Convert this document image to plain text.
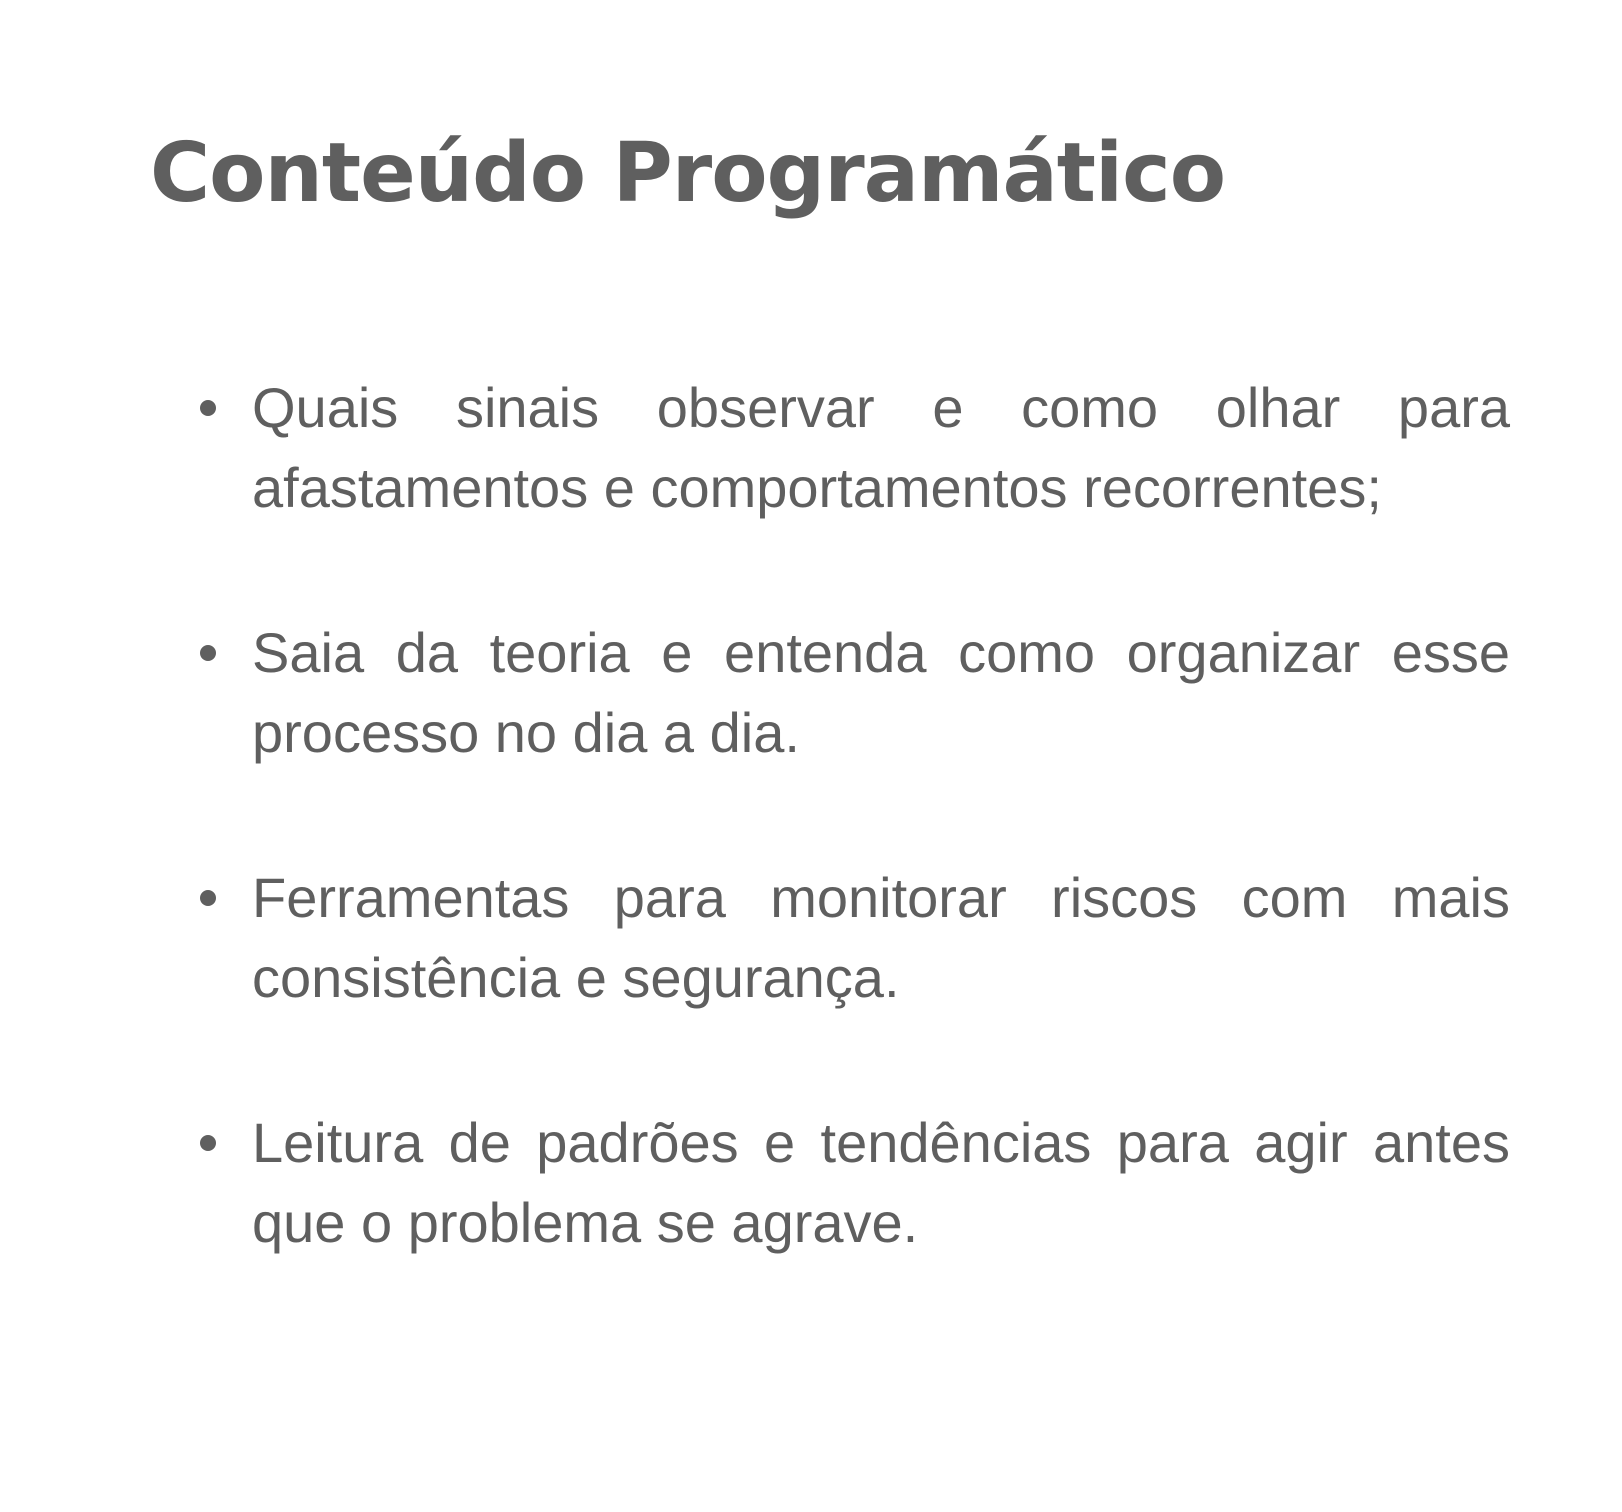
Conteúdo Programático
Quais sinais observar e como olhar para afastamentos e comportamentos recorrentes;
Saia da teoria e entenda como organizar esse processo no dia a dia.
Ferramentas para monitorar riscos com mais consistência e segurança.
Leitura de padrões e tendências para agir antes que o problema se agrave.
